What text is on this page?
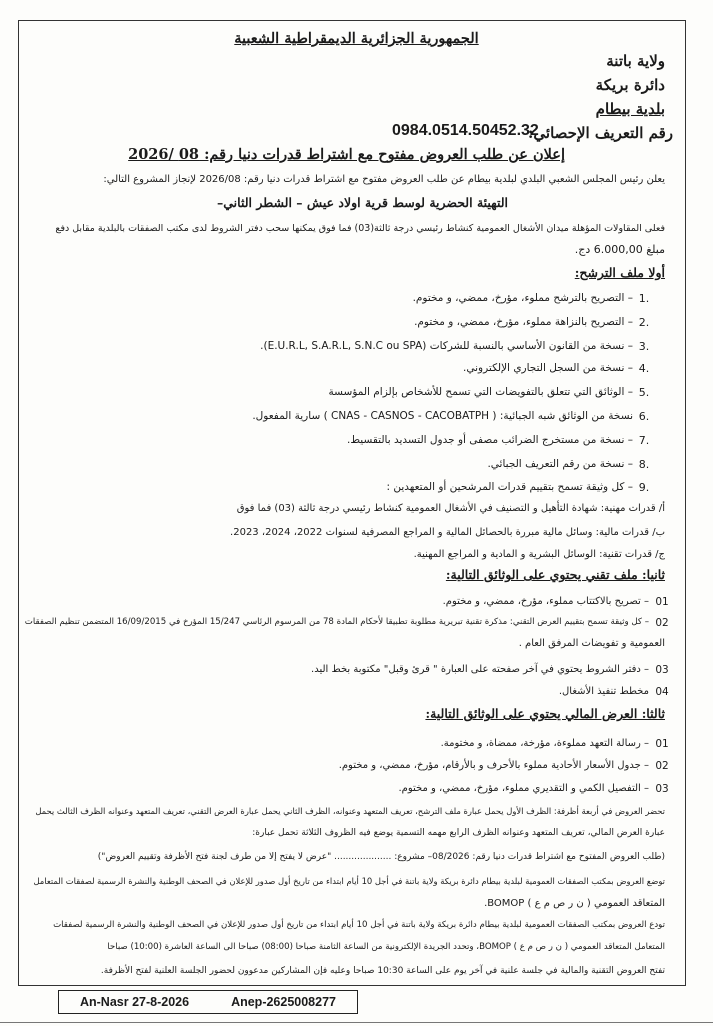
الجمهورية الجزائرية الديمقراطية الشعبية
ولاية باتنة
دائرة بريكة
بلدية بيطام
رقم التعريف الإحصائي:
0984.0514.50452.32
إعلان عن طلب العروض مفتوح مع اشتراط قدرات دنيا رقم: 08 /2026
يعلن رئيس المجلس الشعبي البلدي لبلدية بيطام عن طلب العروض مفتوح مع اشتراط قدرات دنيا رقم: 2026/08 لإنجاز المشروع التالي:
التهيئة الحضرية لوسط قرية اولاد عيش – الشطر الثاني–
فعلى المقاولات المؤهلة ميدان الأشغال العمومية كنشاط رئيسي درجة ثالثة(03) فما فوق يمكنها سحب دفتر الشروط لدى مكتب الصفقات بالبلدية مقابل دفع
مبلغ 6.000,00 دج.
أولا ملف الترشح:
1.
– التصريح بالترشح مملوء، مؤرخ، ممضي، و مختوم.
2.
– التصريح بالنزاهة مملوء، مؤرخ، ممضي، و مختوم.
3.
– نسخة من القانون الأساسي بالنسبة للشركات (E.U.R.L, S.A.R.L, S.N.C ou SPA).
4.
– نسخة من السجل التجاري الإلكتروني.
5.
– الوثائق التي تتعلق بالتفويضات التي تسمح للأشخاص بإلزام المؤسسة
6.
نسخة من الوثائق شبه الجبائية: ( CNAS - CASNOS - CACOBATPH ) سارية المفعول.
7.
– نسخة من مستخرج الضرائب مصفى أو جدول التسديد بالتقسيط.
8.
– نسخة من رقم التعريف الجبائي.
9.
– كل وثيقة تسمح بتقييم قدرات المرشحين أو المتعهدين :
أ/ قدرات مهنية: شهادة التأهيل و التصنيف في الأشغال العمومية كنشاط رئيسي درجة ثالثة (03) فما فوق
ب/ قدرات مالية: وسائل مالية مبررة بالحصائل المالية و المراجع المصرفية لسنوات 2022، 2024، 2023.
ج/ قدرات تقنية: الوسائل البشرية و المادية و المراجع المهنية.
ثانيا: ملف تقني يحتوي على الوثائق التالية:
01
– تصريح بالاكتتاب مملوء، مؤرخ، ممضي، و مختوم.
02
– كل وثيقة تسمح بتقييم العرض التقني: مذكرة تقنية تبريرية مطلوبة تطبيقا لأحكام المادة 78 من المرسوم الرئاسي 15/247 المؤرخ في 16/09/2015 المتضمن تنظيم الصفقات
العمومية و تفويضات المرفق العام .
03
– دفتر الشروط يحتوي في آخر صفحته على العبارة " قرئ وقبل" مكتوبة بخط اليد.
04
مخطط تنفيذ الأشغال.
ثالثا: العرض المالي يحتوي على الوثائق التالية:
01
– رسالة التعهد مملوءة، مؤرخة، ممضاة، و مختومة.
02
– جدول الأسعار الأحادية مملوء بالأحرف و بالأرقام، مؤرخ، ممضي، و مختوم.
03
– التفصيل الكمي و التقديري مملوء، مؤرخ، ممضي، و مختوم.
تحضر العروض في أربعة أظرفة: الظرف الأول يحمل عبارة ملف الترشح، تعريف المتعهد وعنوانه، الظرف الثاني يحمل عبارة العرض التقني، تعريف المتعهد وعنوانه الظرف الثالث يحمل
عبارة العرض المالي، تعريف المتعهد وعنوانه الظرف الرابع مهمه التسمية يوضع فيه الظروف الثلاثة تحمل عبارة:
(طلب العروض المفتوح مع اشتراط قدرات دنيا رقم: 08/2026– مشروع: .................... "عرض لا يفتح إلا من طرف لجنة فتح الأظرفة وتقييم العروض")
توضع العروض بمكتب الصفقات العمومية لبلدية بيطام دائرة بريكة ولاية باتنة في أجل 10 أيام ابتداء من تاريخ أول صدور للإعلان في الصحف الوطنية والنشرة الرسمية لصفقات المتعامل
المتعاقد العمومي ( ن ر ص م ع ) BOMOP.
تودع العروض بمكتب الصفقات العمومية لبلدية بيطام دائرة بريكة ولاية باتنة في أجل 10 أيام ابتداء من تاريخ أول صدور للإعلان في الصحف الوطنية والنشرة الرسمية لصفقات
المتعامل المتعاقد العمومي ( ن ر ص م ع ) BOMOP، وتحدد الجريدة الإلكترونية من الساعة الثامنة صباحا (08:00) صباحا الى الساعة العاشرة (10:00) صباحا
تفتح العروض التقنية والمالية في جلسة علنية في آخر يوم على الساعة 10:30 صباحا وعليه فإن المشاركين مدعوون لحضور الجلسة العلنية لفتح الأظرفة.
An-Nasr 27-8-2026	Anep-2625008277
